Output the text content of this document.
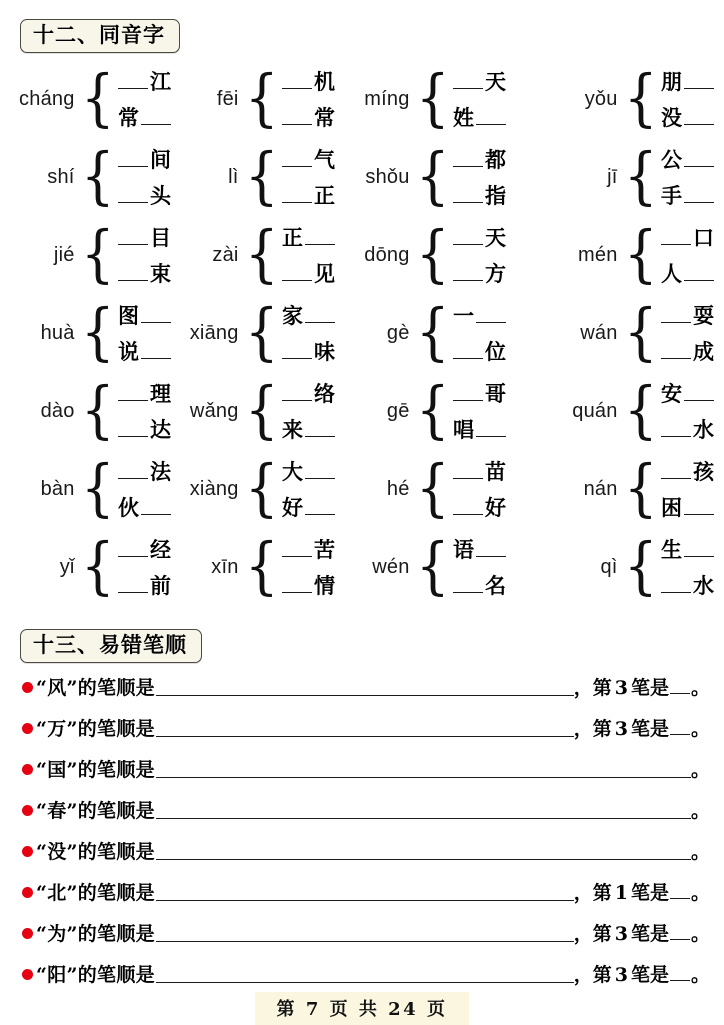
十二、同音字
cháng { 江
常
fēi { 机
常
míng { 天
姓
yǒu { 朋
没
shí { 间
头
lì { 气
正
shǒu { 都
指
jī { 公
手
jié { 目
束
zài { 正
见
dōng { 天
方
mén { 口
人
huà { 图
说
xiāng { 家
味
gè { 一
位
wán { 耍
成
dào { 理
达
wǎng { 络
来
gē { 哥
唱
quán { 安
水
bàn { 法
伙
xiàng { 大
好
hé { 苗
好
nán { 孩
困
yǐ { 经
前
xīn { 苦
情
wén { 语
名
qì { 生
水
十三、易错笔顺
“风”的笔顺是	，第 3 笔是 。
“万”的笔顺是	，第 3 笔是 。
“国”的笔顺是	。
“春”的笔顺是	。
“没”的笔顺是	。
“北”的笔顺是	，第 1 笔是 。
“为”的笔顺是	，第 3 笔是 。
“阳”的笔顺是	，第 3 笔是 。
第 7 页 共 24 页
